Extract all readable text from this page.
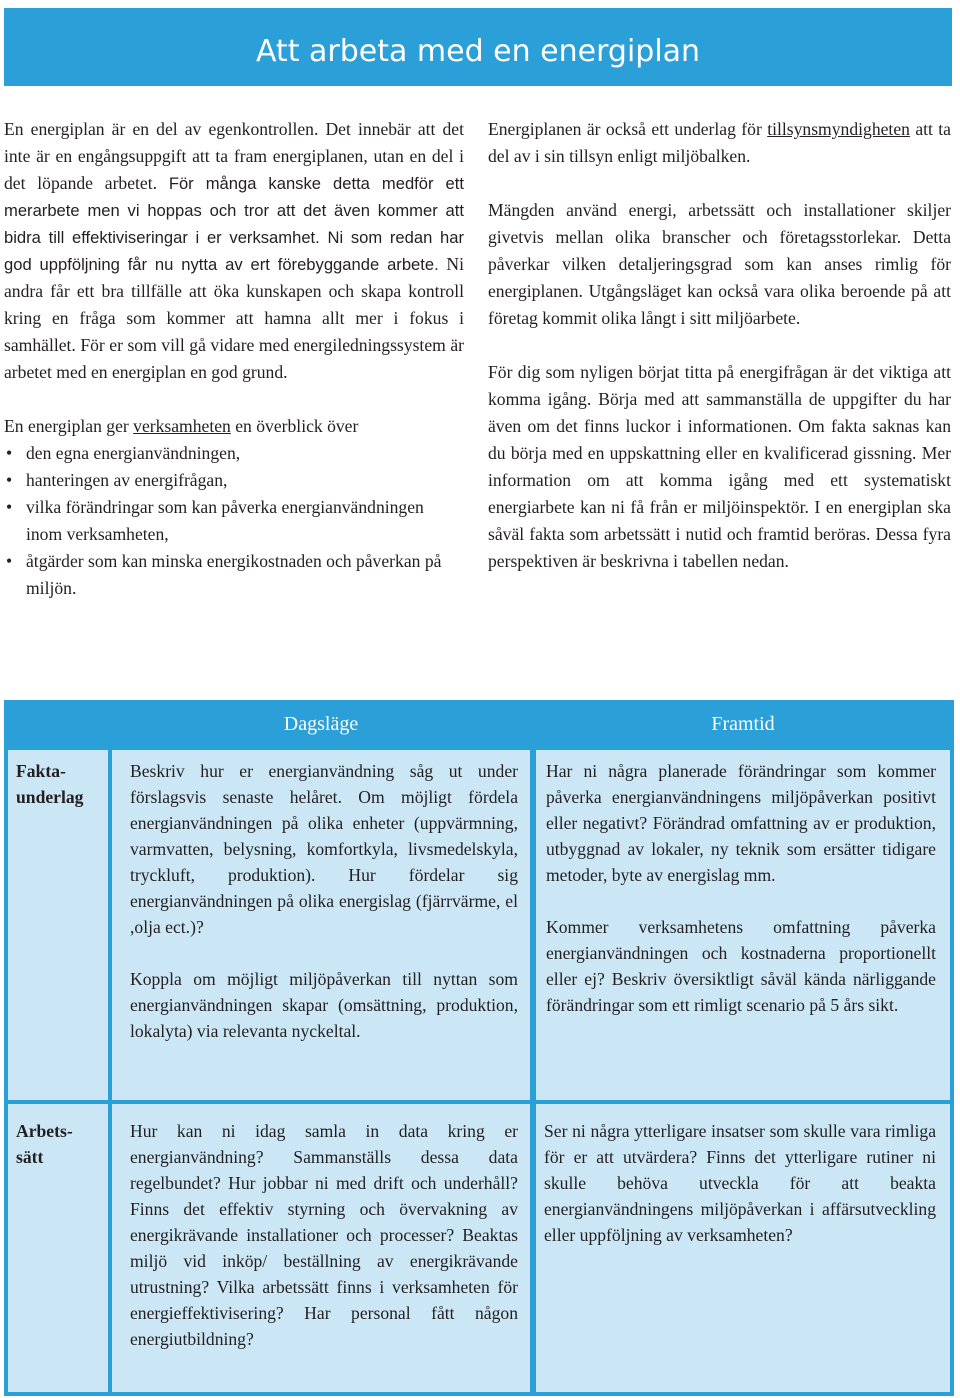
Att arbeta med en energiplan

En energiplan är en del av egenkontrollen. Det innebär att det inte är en engångsuppgift att ta fram energiplanen, utan en del i det löpande arbetet. För många kanske detta medför ett merarbete men vi hoppas och tror att det även kommer att bidra till effektiviseringar i er verksamhet. Ni som redan har god uppföljning får nu nytta av ert förebyggande arbete. Ni andra får ett bra tillfälle att öka kunskapen och skapa kontroll kring en fråga som kommer att hamna allt mer i fokus i samhället. För er som vill gå vidare med energiledningssystem är arbetet med en energiplan en god grund.

En energiplan ger verksamheten en överblick över

• den egna energianvändningen,
• hanteringen av energifrågan,
• vilka förändringar som kan påverka energianvändningen inom verksamheten,
• åtgärder som kan minska energikostnaden och påverkan på miljön.

Energiplanen är också ett underlag för tillsynsmyndigheten att ta del av i sin tillsyn enligt miljöbalken.

Mängden använd energi, arbetssätt och installationer skiljer givetvis mellan olika branscher och företagsstorlekar. Detta påverkar vilken detaljeringsgrad som kan anses rimlig för energiplanen. Utgångsläget kan också vara olika beroende på att företag kommit olika långt i sitt miljöarbete.

För dig som nyligen börjat titta på energifrågan är det viktiga att komma igång. Börja med att sammanställa de uppgifter du har även om det finns luckor i informationen. Om fakta saknas kan du börja med en uppskattning eller en kvalificerad gissning. Mer information om att komma igång med ett systematiskt energiarbete kan ni få från er miljöinspektör. I en energiplan ska såväl fakta som arbetssätt i nutid och framtid beröras. Dessa fyra perspektiven är beskrivna i tabellen nedan.

Dagsläge	Framtid
Fakta-underlag

Beskriv hur er energianvändning såg ut under förslagsvis senaste helåret. Om möjligt fördela energianvändningen på olika enheter (uppvärmning, varmvatten, belysning, komfortkyla, livsmedelskyla, tryckluft, produktion). Hur fördelar sig energianvändningen på olika energislag (fjärrvärme, el ,olja ect.)?

Koppla om möjligt miljöpåverkan till nyttan som energianvändningen skapar (omsättning, produktion, lokalyta) via relevanta nyckeltal.

Har ni några planerade förändringar som kommer påverka energianvändningens miljöpåverkan positivt eller negativt? Förändrad omfattning av er produktion, utbyggnad av lokaler, ny teknik som ersätter tidigare metoder, byte av energislag mm.

Kommer verksamhetens omfattning påverka energianvändningen och kostnaderna proportionellt eller ej? Beskriv översiktligt såväl kända närliggande förändringar som ett rimligt scenario på 5 års sikt.

Arbets-sätt

Hur kan ni idag samla in data kring er energianvändning? Sammanställs dessa data regelbundet? Hur jobbar ni med drift och underhåll? Finns det effektiv styrning och övervakning av energikrävande installationer och processer? Beaktas miljö vid inköp/ beställning av energikrävande utrustning? Vilka arbetssätt finns i verksamheten för energieffektivisering? Har personal fått någon energiutbildning?

Ser ni några ytterligare insatser som skulle vara rimliga för er att utvärdera? Finns det ytterligare rutiner ni skulle behöva utveckla för att beakta energianvändningens miljöpåverkan i affärsutveckling eller uppföljning av verksamheten?
